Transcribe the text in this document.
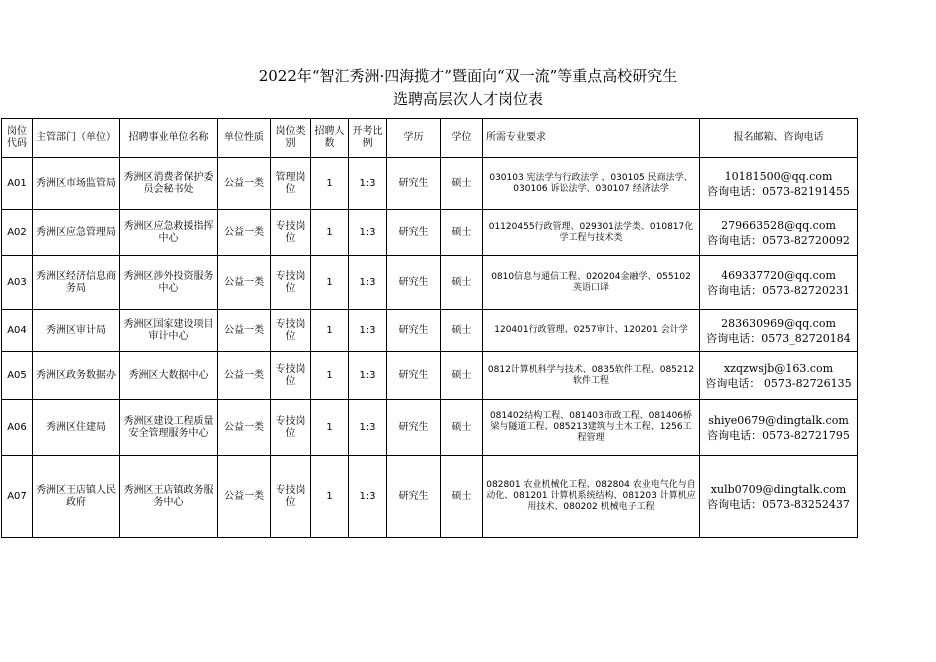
2022年“智汇秀洲·四海揽才”暨面向“双一流”等重点高校研究生
选聘高层次人才岗位表
岗位代码	主管部门（单位）	招聘事业单位名称	单位性质	岗位类别	招聘人数	开考比例	学历	学位	所需专业要求	报名邮箱、咨询电话
A01	秀洲区市场监管局	秀洲区消费者保护委员会秘书处	公益一类	管理岗位	1	1:3	研究生	硕士	030103 宪法学与行政法学 、030105 民商法学、030106 诉讼法学、030107 经济法学	10181500@qq.com
咨询电话：0573-82191455

A02	秀洲区应急管理局	秀洲区应急救援指挥中心	公益一类	专技岗位	1	1:3	研究生	硕士	01120455行政管理、029301法学类、010817化学工程与技术类	279663528@qq.com
咨询电话：0573-82720092

A03	秀洲区经济信息商务局	秀洲区涉外投资服务中心	公益一类	专技岗位	1	1:3	研究生	硕士	0810信息与通信工程、020204金融学、055102 英语口译	469337720@qq.com
咨询电话：0573-82720231

A04	秀洲区审计局	秀洲区国家建设项目审计中心	公益一类	专技岗位	1	1:3	研究生	硕士	120401行政管理、0257审计、120201 会计学	283630969@qq.com
咨询电话：0573_82720184

A05	秀洲区政务数据办	秀洲区大数据中心	公益一类	专技岗位	1	1:3	研究生	硕士	0812计算机科学与技术、0835软件工程、085212软件工程	xzqzwsjb@163.com
咨询电话： 0573-82726135

A06	秀洲区住建局	秀洲区建设工程质量安全管理服务中心	公益一类	专技岗位	1	1:3	研究生	硕士	081402结构工程、081403市政工程、081406桥梁与隧道工程、085213建筑与土木工程、1256工程管理	shiye0679@dingtalk.com
咨询电话：0573-82721795

A07	秀洲区王店镇人民政府	秀洲区王店镇政务服务中心	公益一类	专技岗位	1	1:3	研究生	硕士	082801 农业机械化工程、082804 农业电气化与自动化、081201 计算机系统结构、081203 计算机应用技术、080202 机械电子工程	xulb0709@dingtalk.com
咨询电话：0573-83252437
